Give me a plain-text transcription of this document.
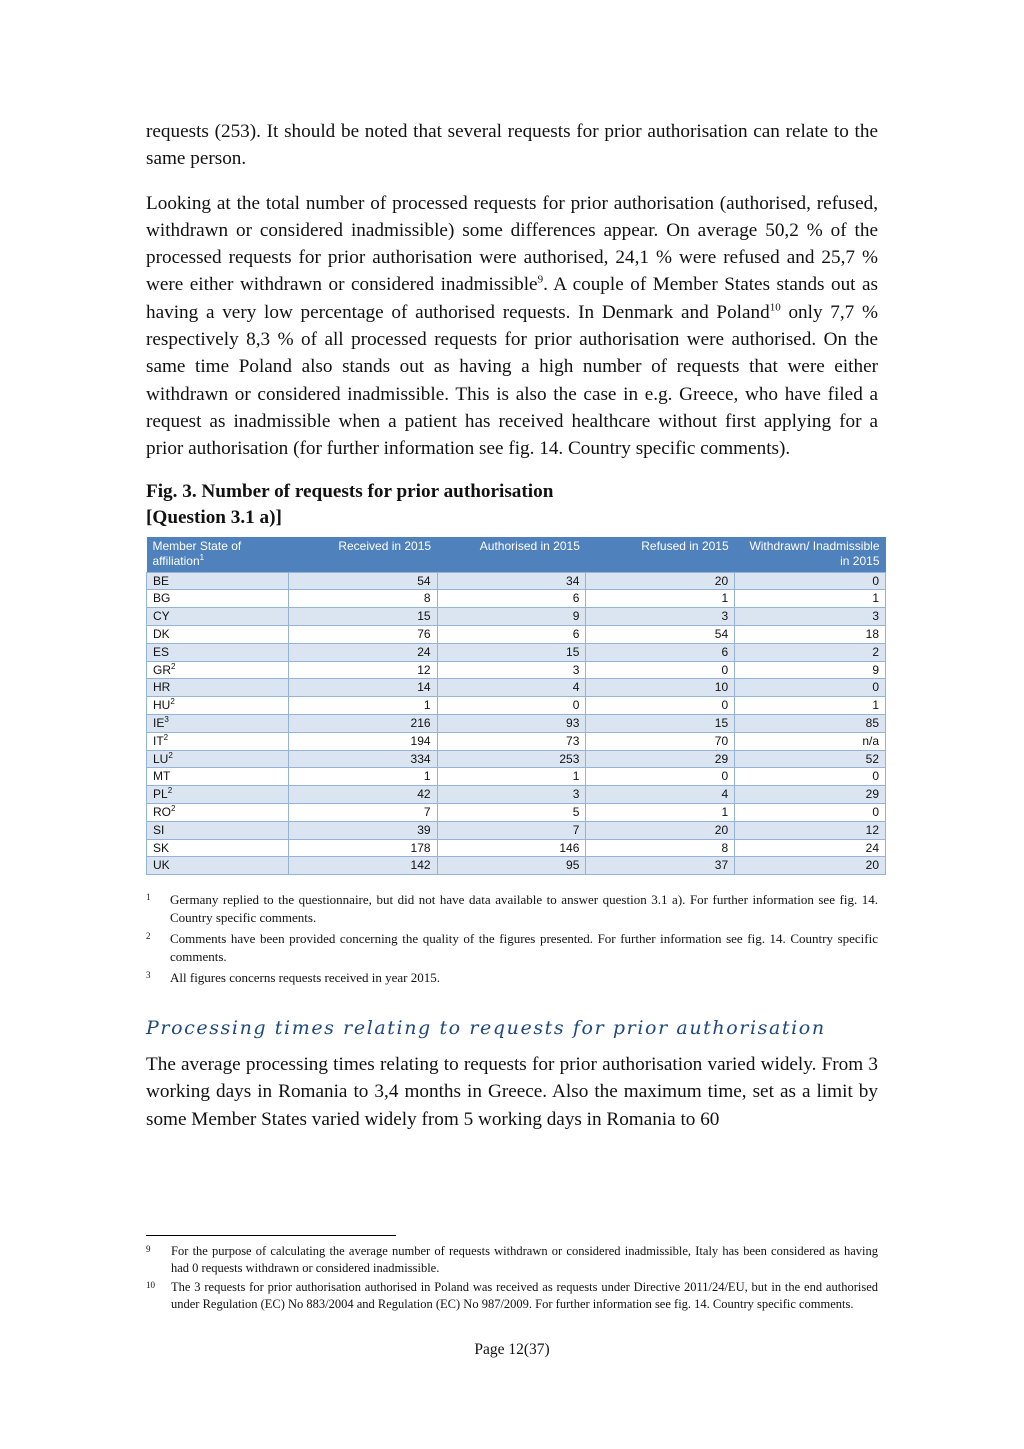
requests (253). It should be noted that several requests for prior authorisation can relate to the same person.

Looking at the total number of processed requests for prior authorisation (authorised, refused, withdrawn or considered inadmissible) some differences appear. On average 50,2 % of the processed requests for prior authorisation were authorised, 24,1 % were refused and 25,7 % were either withdrawn or considered inadmissible$^9$. A couple of Member States stands out as having a very low percentage of authorised requests. In Denmark and Poland$^{10}$ only 7,7 % respectively 8,3 % of all processed requests for prior authorisation were authorised. On the same time Poland also stands out as having a high number of requests that were either withdrawn or considered inadmissible. This is also the case in e.g. Greece, who have filed a request as inadmissible when a patient has received healthcare without first applying for a prior authorisation (for further information see fig. 14. Country specific comments).

Fig. 3. Number of requests for prior authorisation
[Question 3.1 a)]
Member State of affiliation$^1$	Received in 2015	Authorised in 2015	Refused in 2015	Withdrawn/ Inadmissible in 2015
BE	54	34	20	0
BG	8	6	1	1
CY	15	9	3	3
DK	76	6	54	18
ES	24	15	6	2
$GR^2$	12	3	0	9
HR	14	4	10	0
$HU^2$	1	0	0	1
$IE^3$	216	93	15	85
$IT^2$	194	73	70	n/a
$LU^2$	334	253	29	52
MT	1	1	0	0
$PL^2$	42	3	4	29
$RO^2$	7	5	1	0
SI	39	7	20	12
SK	178	146	8	24
UK	142	95	37	20
1	Germany replied to the questionnaire, but did not have data available to answer question 3.1 a). For further information see fig. 14. Country specific comments.
2	Comments have been provided concerning the quality of the figures presented. For further information see fig. 14. Country specific comments.
3	All figures concerns requests received in year 2015.
Processing times relating to requests for prior authorisation

The average processing times relating to requests for prior authorisation varied widely. From 3 working days in Romania to 3,4 months in Greece. Also the maximum time, set as a limit by some Member States varied widely from 5 working days in Romania to 60

9	For the purpose of calculating the average number of requests withdrawn or considered inadmissible, Italy has been considered as having had 0 requests withdrawn or considered inadmissible.
10	The 3 requests for prior authorisation authorised in Poland was received as requests under Directive 2011/24/EU, but in the end authorised under Regulation (EC) No 883/2004 and Regulation (EC) No 987/2009. For further information see fig. 14. Country specific comments.
Page 12(37)
